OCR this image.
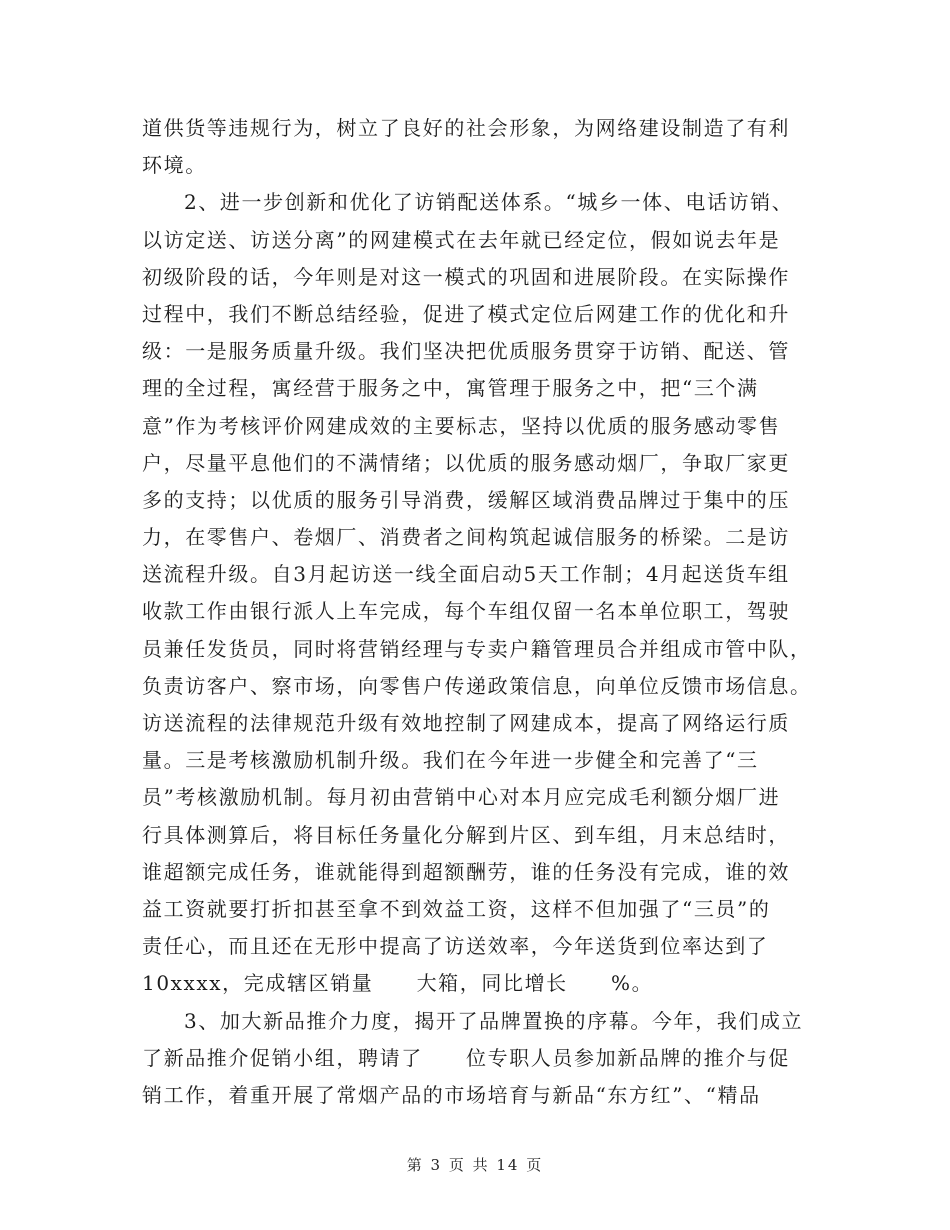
道供货等违规行为，树立了良好的社会形象，为网络建设制造了有利
环境。
2、进一步创新和优化了访销配送体系。“城乡一体、电话访销、
以访定送、访送分离”的网建模式在去年就已经定位，假如说去年是
初级阶段的话，今年则是对这一模式的巩固和进展阶段。在实际操作
过程中，我们不断总结经验，促进了模式定位后网建工作的优化和升
级：一是服务质量升级。我们坚决把优质服务贯穿于访销、配送、管
理的全过程，寓经营于服务之中，寓管理于服务之中，把“三个满
意”作为考核评价网建成效的主要标志，坚持以优质的服务感动零售
户，尽量平息他们的不满情绪；以优质的服务感动烟厂，争取厂家更
多的支持；以优质的服务引导消费，缓解区域消费品牌过于集中的压
力，在零售户、卷烟厂、消费者之间构筑起诚信服务的桥梁。二是访
送流程升级。自3月起访送一线全面启动5天工作制；4月起送货车组
收款工作由银行派人上车完成，每个车组仅留一名本单位职工，驾驶
员兼任发货员，同时将营销经理与专卖户籍管理员合并组成市管中队，
负责访客户、察市场，向零售户传递政策信息，向单位反馈市场信息。
访送流程的法律规范升级有效地控制了网建成本，提高了网络运行质
量。三是考核激励机制升级。我们在今年进一步健全和完善了“三
员”考核激励机制。每月初由营销中心对本月应完成毛利额分烟厂进
行具体测算后，将目标任务量化分解到片区、到车组，月末总结时，
谁超额完成任务，谁就能得到超额酬劳，谁的任务没有完成，谁的效
益工资就要打折扣甚至拿不到效益工资，这样不但加强了“三员”的
责任心，而且还在无形中提高了访送效率，今年送货到位率达到了
10xxxx，完成辖区销量　　大箱，同比增长　　%。
3、加大新品推介力度，揭开了品牌置换的序幕。今年，我们成立
了新品推介促销小组，聘请了　　位专职人员参加新品牌的推介与促
销工作，着重开展了常烟产品的市场培育与新品“东方红”、“精品
第 3 页 共 14 页
